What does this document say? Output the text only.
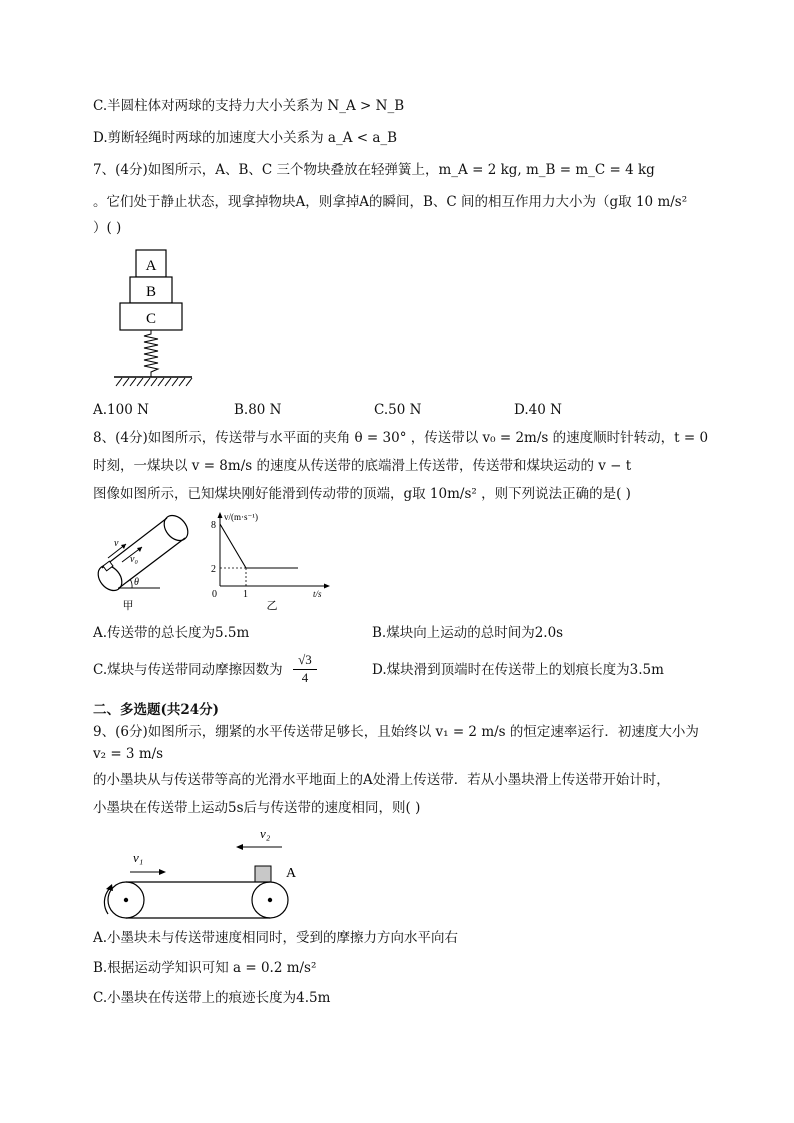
C.半圆柱体对两球的支持力大小关系为 N_A > N_B
D.剪断轻绳时两球的加速度大小关系为 a_A < a_B
7、(4分)如图所示，A、B、C 三个物块叠放在轻弹簧上，m_A = 2 kg, m_B = m_C = 4 kg
。它们处于静止状态，现拿掉物块A，则拿掉A的瞬间，B、C 间的相互作用力大小为（g取 10 m/s²
）( )
A
B
C
A.100 N	B.80 N	C.50 N	D.40 N
8、(4分)如图所示，传送带与水平面的夹角 θ = 30° ，传送带以 v₀ = 2m/s 的速度顺时针转动，t = 0
时刻，一煤块以 v = 8m/s 的速度从传送带的底端滑上传送带，传送带和煤块运动的 v − t
图像如图所示，已知煤块刚好能滑到传动带的顶端，g取 10m/s² ，则下列说法正确的是( )
v
v₀
θ
甲
v/(m·s⁻¹)
t/s
0
8
2
1
乙
A.传送带的总长度为5.5m	B.煤块向上运动的总时间为2.0s
C.煤块与传送带同动摩擦因数为 $\frac{√3}{4}$	D.煤块滑到顶端时在传送带上的划痕长度为3.5m
二、多选题(共24分)
9、(6分)如图所示，绷紧的水平传送带足够长，且始终以 v₁ = 2 m/s 的恒定速率运行．初速度大小为
v₂ = 3 m/s
的小墨块从与传送带等高的光滑水平地面上的A处滑上传送带．若从小墨块滑上传送带开始计时，
小墨块在传送带上运动5s后与传送带的速度相同，则( )
v₂
v₁
A
A.小墨块未与传送带速度相同时，受到的摩擦力方向水平向右
B.根据运动学知识可知 a = 0.2 m/s²
C.小墨块在传送带上的痕迹长度为4.5m
